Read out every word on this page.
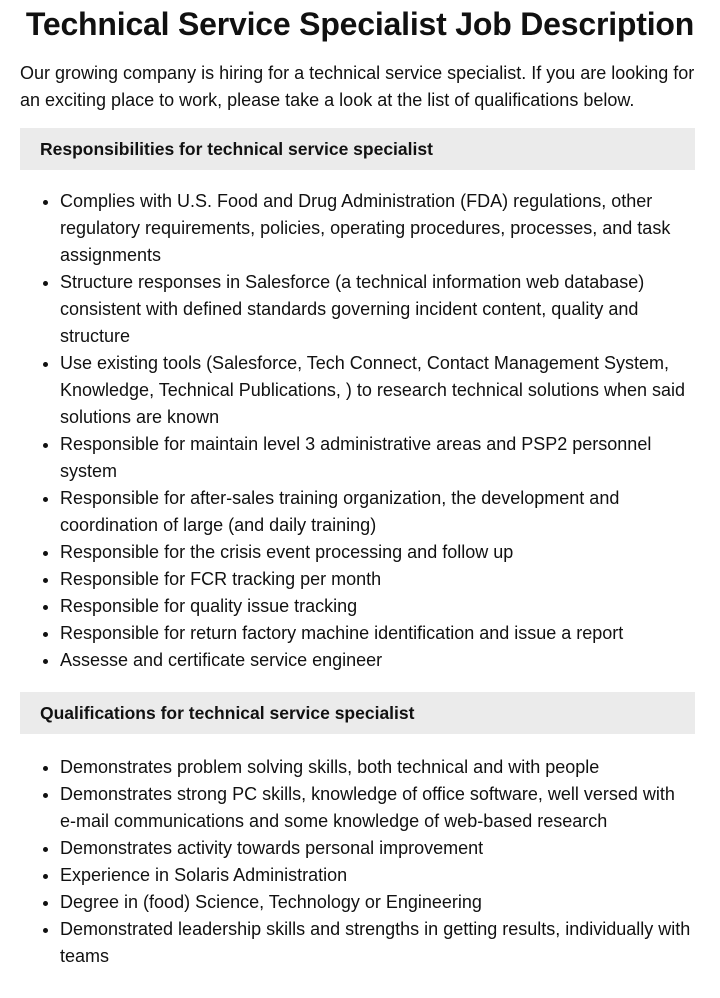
Technical Service Specialist Job Description

Our growing company is hiring for a technical service specialist. If you are looking for an exciting place to work, please take a look at the list of qualifications below.

Responsibilities for technical service specialist
• Complies with U.S. Food and Drug Administration (FDA) regulations, other regulatory requirements, policies, operating procedures, processes, and task assignments
• Structure responses in Salesforce (a technical information web database) consistent with defined standards governing incident content, quality and structure
• Use existing tools (Salesforce, Tech Connect, Contact Management System, Knowledge, Technical Publications, ) to research technical solutions when said solutions are known
• Responsible for maintain level 3 administrative areas and PSP2 personnel system
• Responsible for after-sales training organization, the development and coordination of large (and daily training)
• Responsible for the crisis event processing and follow up
• Responsible for FCR tracking per month
• Responsible for quality issue tracking
• Responsible for return factory machine identification and issue a report
• Assesse and certificate service engineer
Qualifications for technical service specialist
• Demonstrates problem solving skills, both technical and with people
• Demonstrates strong PC skills, knowledge of office software, well versed with e-mail communications and some knowledge of web-based research
• Demonstrates activity towards personal improvement
• Experience in Solaris Administration
• Degree in (food) Science, Technology or Engineering
• Demonstrated leadership skills and strengths in getting results, individually with teams
